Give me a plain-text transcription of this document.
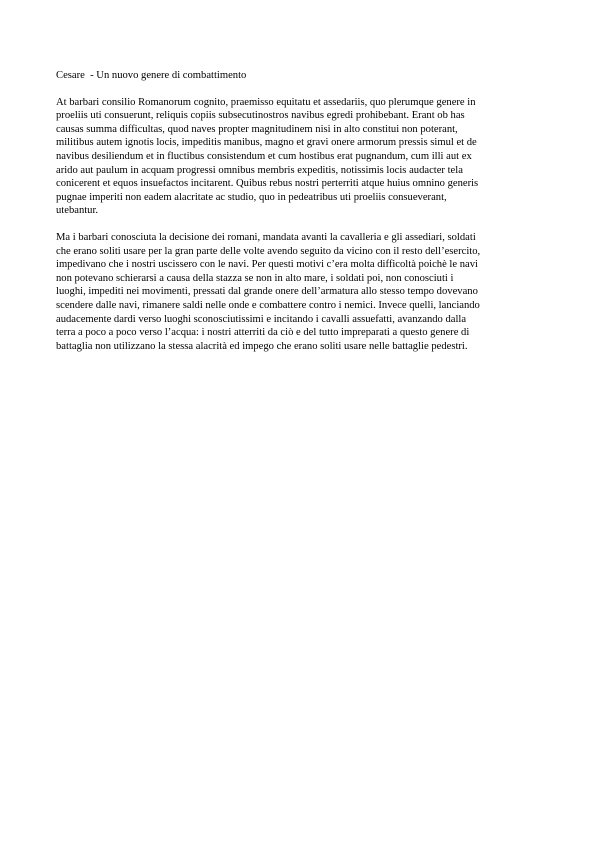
Cesare  - Un nuovo genere di combattimento
At barbari consilio Romanorum cognito, praemisso equitatu et assedariis, quo plerumque genere in
proeliis uti consuerunt, reliquis copiis subsecutinostros navibus egredi prohibebant. Erant ob has
causas summa difficultas, quod naves propter magnitudinem nisi in alto constitui non poterant,
militibus autem ignotis locis, impeditis manibus, magno et gravi onere armorum pressis simul et de
navibus desiliendum et in fluctibus consistendum et cum hostibus erat pugnandum, cum illi aut ex
arido aut paulum in acquam progressi omnibus membris expeditis, notissimis locis audacter tela
conicerent et equos insuefactos incitarent. Quibus rebus nostri perterriti atque huius omnino generis
pugnae imperiti non eadem alacritate ac studio, quo in pedeatribus uti proeliis consueverant,
utebantur.
Ma i barbari conosciuta la decisione dei romani, mandata avanti la cavalleria e gli assediari, soldati
che erano soliti usare per la gran parte delle volte avendo seguito da vicino con il resto dell’esercito,
impedivano che i nostri uscissero con le navi. Per questi motivi c’era molta difficoltà poichè le navi
non potevano schierarsi a causa della stazza se non in alto mare, i soldati poi, non conosciuti i
luoghi, impediti nei movimenti, pressati dal grande onere dell’armatura allo stesso tempo dovevano
scendere dalle navi, rimanere saldi nelle onde e combattere contro i nemici. Invece quelli, lanciando
audacemente dardi verso luoghi sconosciutissimi e incitando i cavalli assuefatti, avanzando dalla
terra a poco a poco verso l’acqua: i nostri atterriti da ciò e del tutto impreparati a questo genere di
battaglia non utilizzano la stessa alacrità ed impego che erano soliti usare nelle battaglie pedestri.
